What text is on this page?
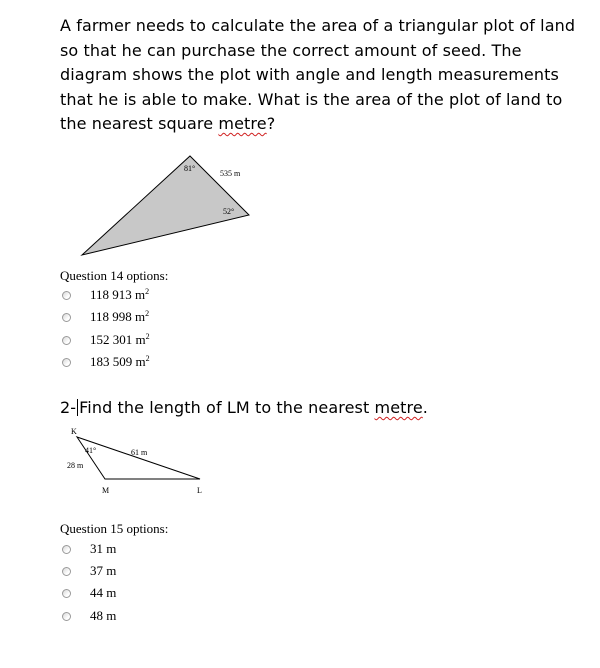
A farmer needs to calculate the area of a triangular plot of land so that he can purchase the correct amount of seed. The diagram shows the plot with angle and length measurements that he is able to make. What is the area of the plot of land to the nearest square metre?

81°
535 m
52°

Question 14 options:

118 913 $m^2$
118 998 $m^2$
152 301 $m^2$
183 509 $m^2$

2- Find the length of LM to the nearest metre.

K
41°	61 m
28 m
M	L

Question 15 options:

31 m
37 m
44 m
48 m
